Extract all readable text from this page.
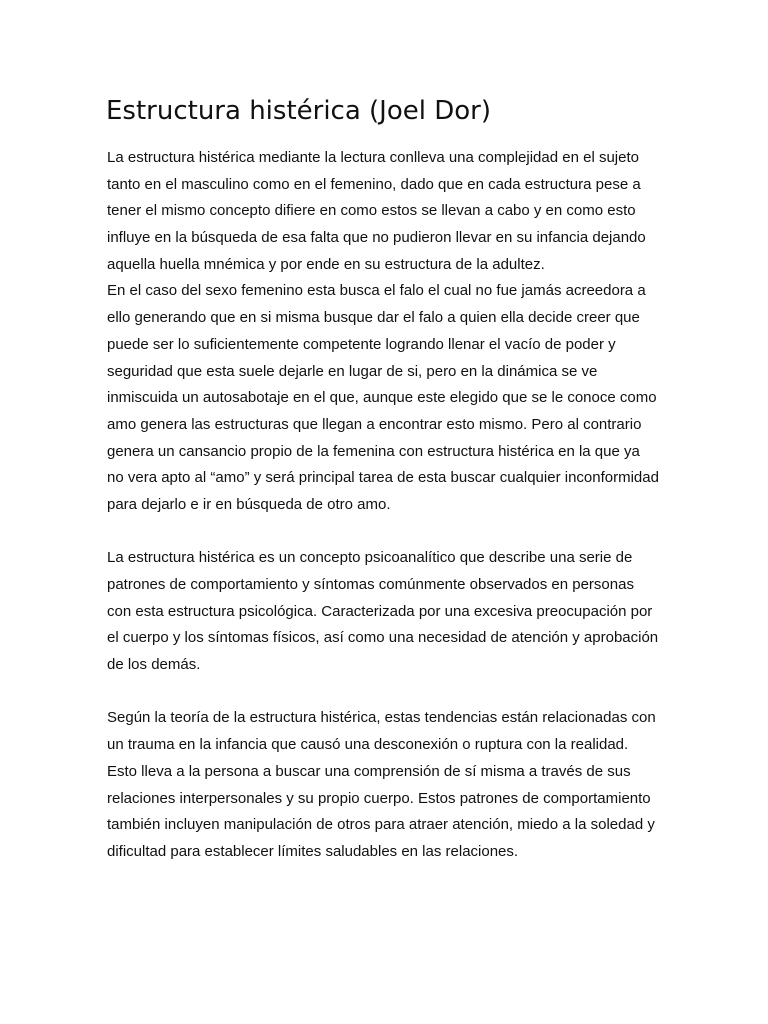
Estructura histérica (Joel Dor)

La estructura histérica mediante la lectura conlleva una complejidad en el sujeto
tanto en el masculino como en el femenino, dado que en cada estructura pese a
tener el mismo concepto difiere en como estos se llevan a cabo y en como esto
influye en la búsqueda de esa falta que no pudieron llevar en su infancia dejando
aquella huella mnémica y por ende en su estructura de la adultez.
En el caso del sexo femenino esta busca el falo el cual no fue jamás acreedora a
ello generando que en si misma busque dar el falo a quien ella decide creer que
puede ser lo suficientemente competente logrando llenar el vacío de poder y
seguridad que esta suele dejarle en lugar de si, pero en la dinámica se ve
inmiscuida un autosabotaje en el que, aunque este elegido que se le conoce como
amo genera las estructuras que llegan a encontrar esto mismo. Pero al contrario
genera un cansancio propio de la femenina con estructura histérica en la que ya
no vera apto al “amo” y será principal tarea de esta buscar cualquier inconformidad
para dejarlo e ir en búsqueda de otro amo.

La estructura histérica es un concepto psicoanalítico que describe una serie de
patrones de comportamiento y síntomas comúnmente observados en personas
con esta estructura psicológica. Caracterizada por una excesiva preocupación por
el cuerpo y los síntomas físicos, así como una necesidad de atención y aprobación
de los demás.

Según la teoría de la estructura histérica, estas tendencias están relacionadas con
un trauma en la infancia que causó una desconexión o ruptura con la realidad.
Esto lleva a la persona a buscar una comprensión de sí misma a través de sus
relaciones interpersonales y su propio cuerpo. Estos patrones de comportamiento
también incluyen manipulación de otros para atraer atención, miedo a la soledad y
dificultad para establecer límites saludables en las relaciones.
